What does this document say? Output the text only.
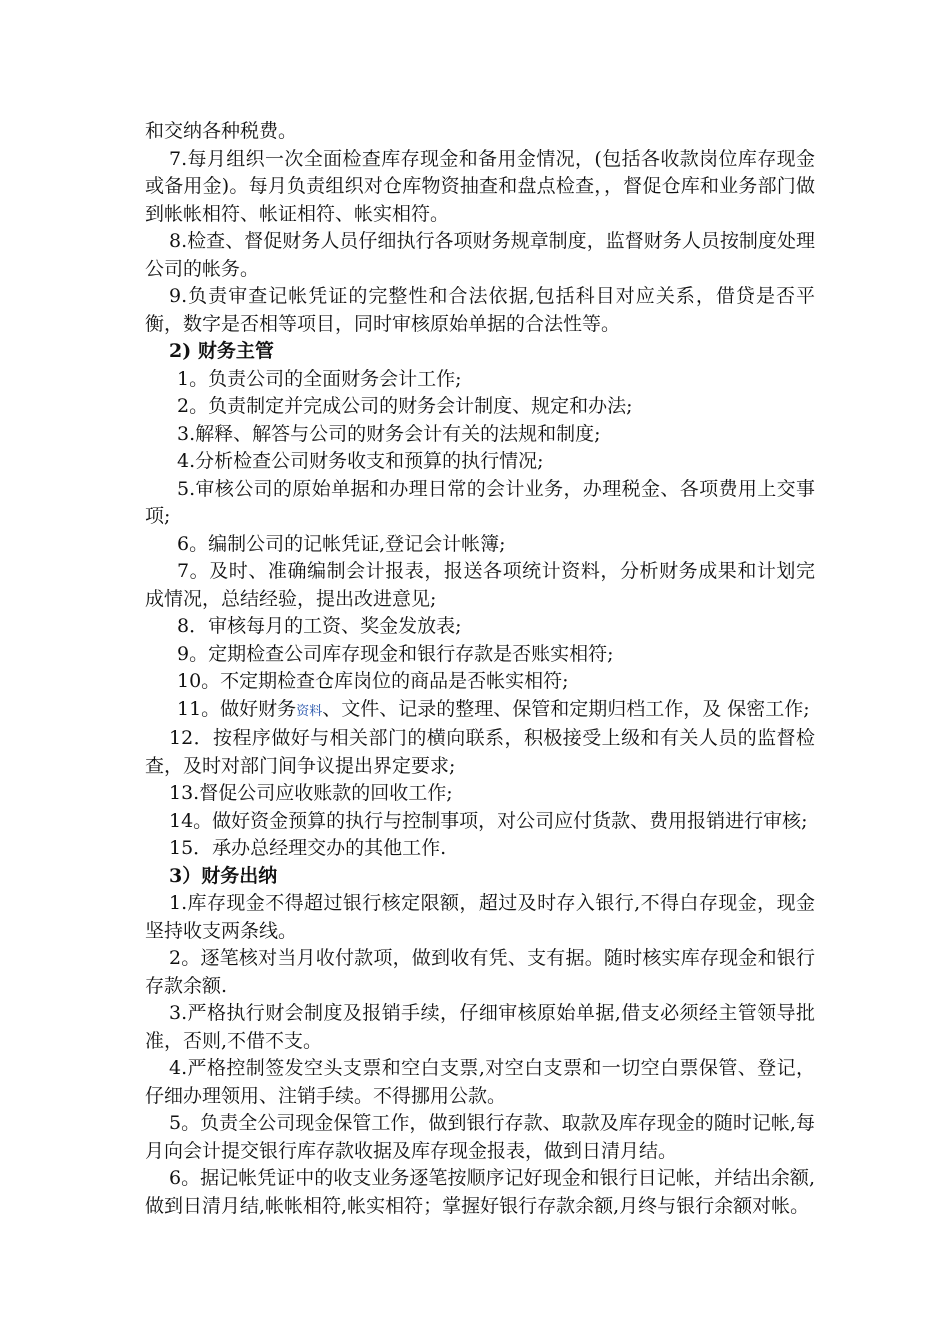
和交纳各种税费。

7.每月组织一次全面检查库存现金和备用金情况，(包括各收款岗位库存现金或备用金)。每月负责组织对仓库物资抽查和盘点检查，，督促仓库和业务部门做到帐帐相符、帐证相符、帐实相符。

8.检查、督促财务人员仔细执行各项财务规章制度，监督财务人员按制度处理公司的帐务。

9.负责审查记帐凭证的完整性和合法依据,包括科目对应关系，借贷是否平衡，数字是否相等项目，同时审核原始单据的合法性等。

2) 财务主管

1。负责公司的全面财务会计工作;

2。负责制定并完成公司的财务会计制度、规定和办法;

3.解释、解答与公司的财务会计有关的法规和制度;

4.分析检查公司财务收支和预算的执行情况;

5.审核公司的原始单据和办理日常的会计业务，办理税金、各项费用上交事项;

6。编制公司的记帐凭证,登记会计帐簿;

7。及时、准确编制会计报表，报送各项统计资料，分析财务成果和计划完成情况，总结经验，提出改进意见;

8．审核每月的工资、奖金发放表;

9。定期检查公司库存现金和银行存款是否账实相符;

10。不定期检查仓库岗位的商品是否帐实相符;

11。做好财务资料、文件、记录的整理、保管和定期归档工作，及 保密工作;

12．按程序做好与相关部门的横向联系，积极接受上级和有关人员的监督检查，及时对部门间争议提出界定要求;

13.督促公司应收账款的回收工作;

14。做好资金预算的执行与控制事项，对公司应付货款、费用报销进行审核;

15．承办总经理交办的其他工作.

3）财务出纳

1.库存现金不得超过银行核定限额，超过及时存入银行,不得白存现金，现金坚持收支两条线。

2。逐笔核对当月收付款项，做到收有凭、支有据。随时核实库存现金和银行存款余额.

3.严格执行财会制度及报销手续，仔细审核原始单据,借支必须经主管领导批准，否则,不借不支。

4.严格控制签发空头支票和空白支票,对空白支票和一切空白票保管、登记，仔细办理领用、注销手续。不得挪用公款。

5。负责全公司现金保管工作，做到银行存款、取款及库存现金的随时记帐,每月向会计提交银行库存款收据及库存现金报表，做到日清月结。

6。据记帐凭证中的收支业务逐笔按顺序记好现金和银行日记帐，并结出余额,做到日清月结,帐帐相符,帐实相符；掌握好银行存款余额,月终与银行余额对帐。
